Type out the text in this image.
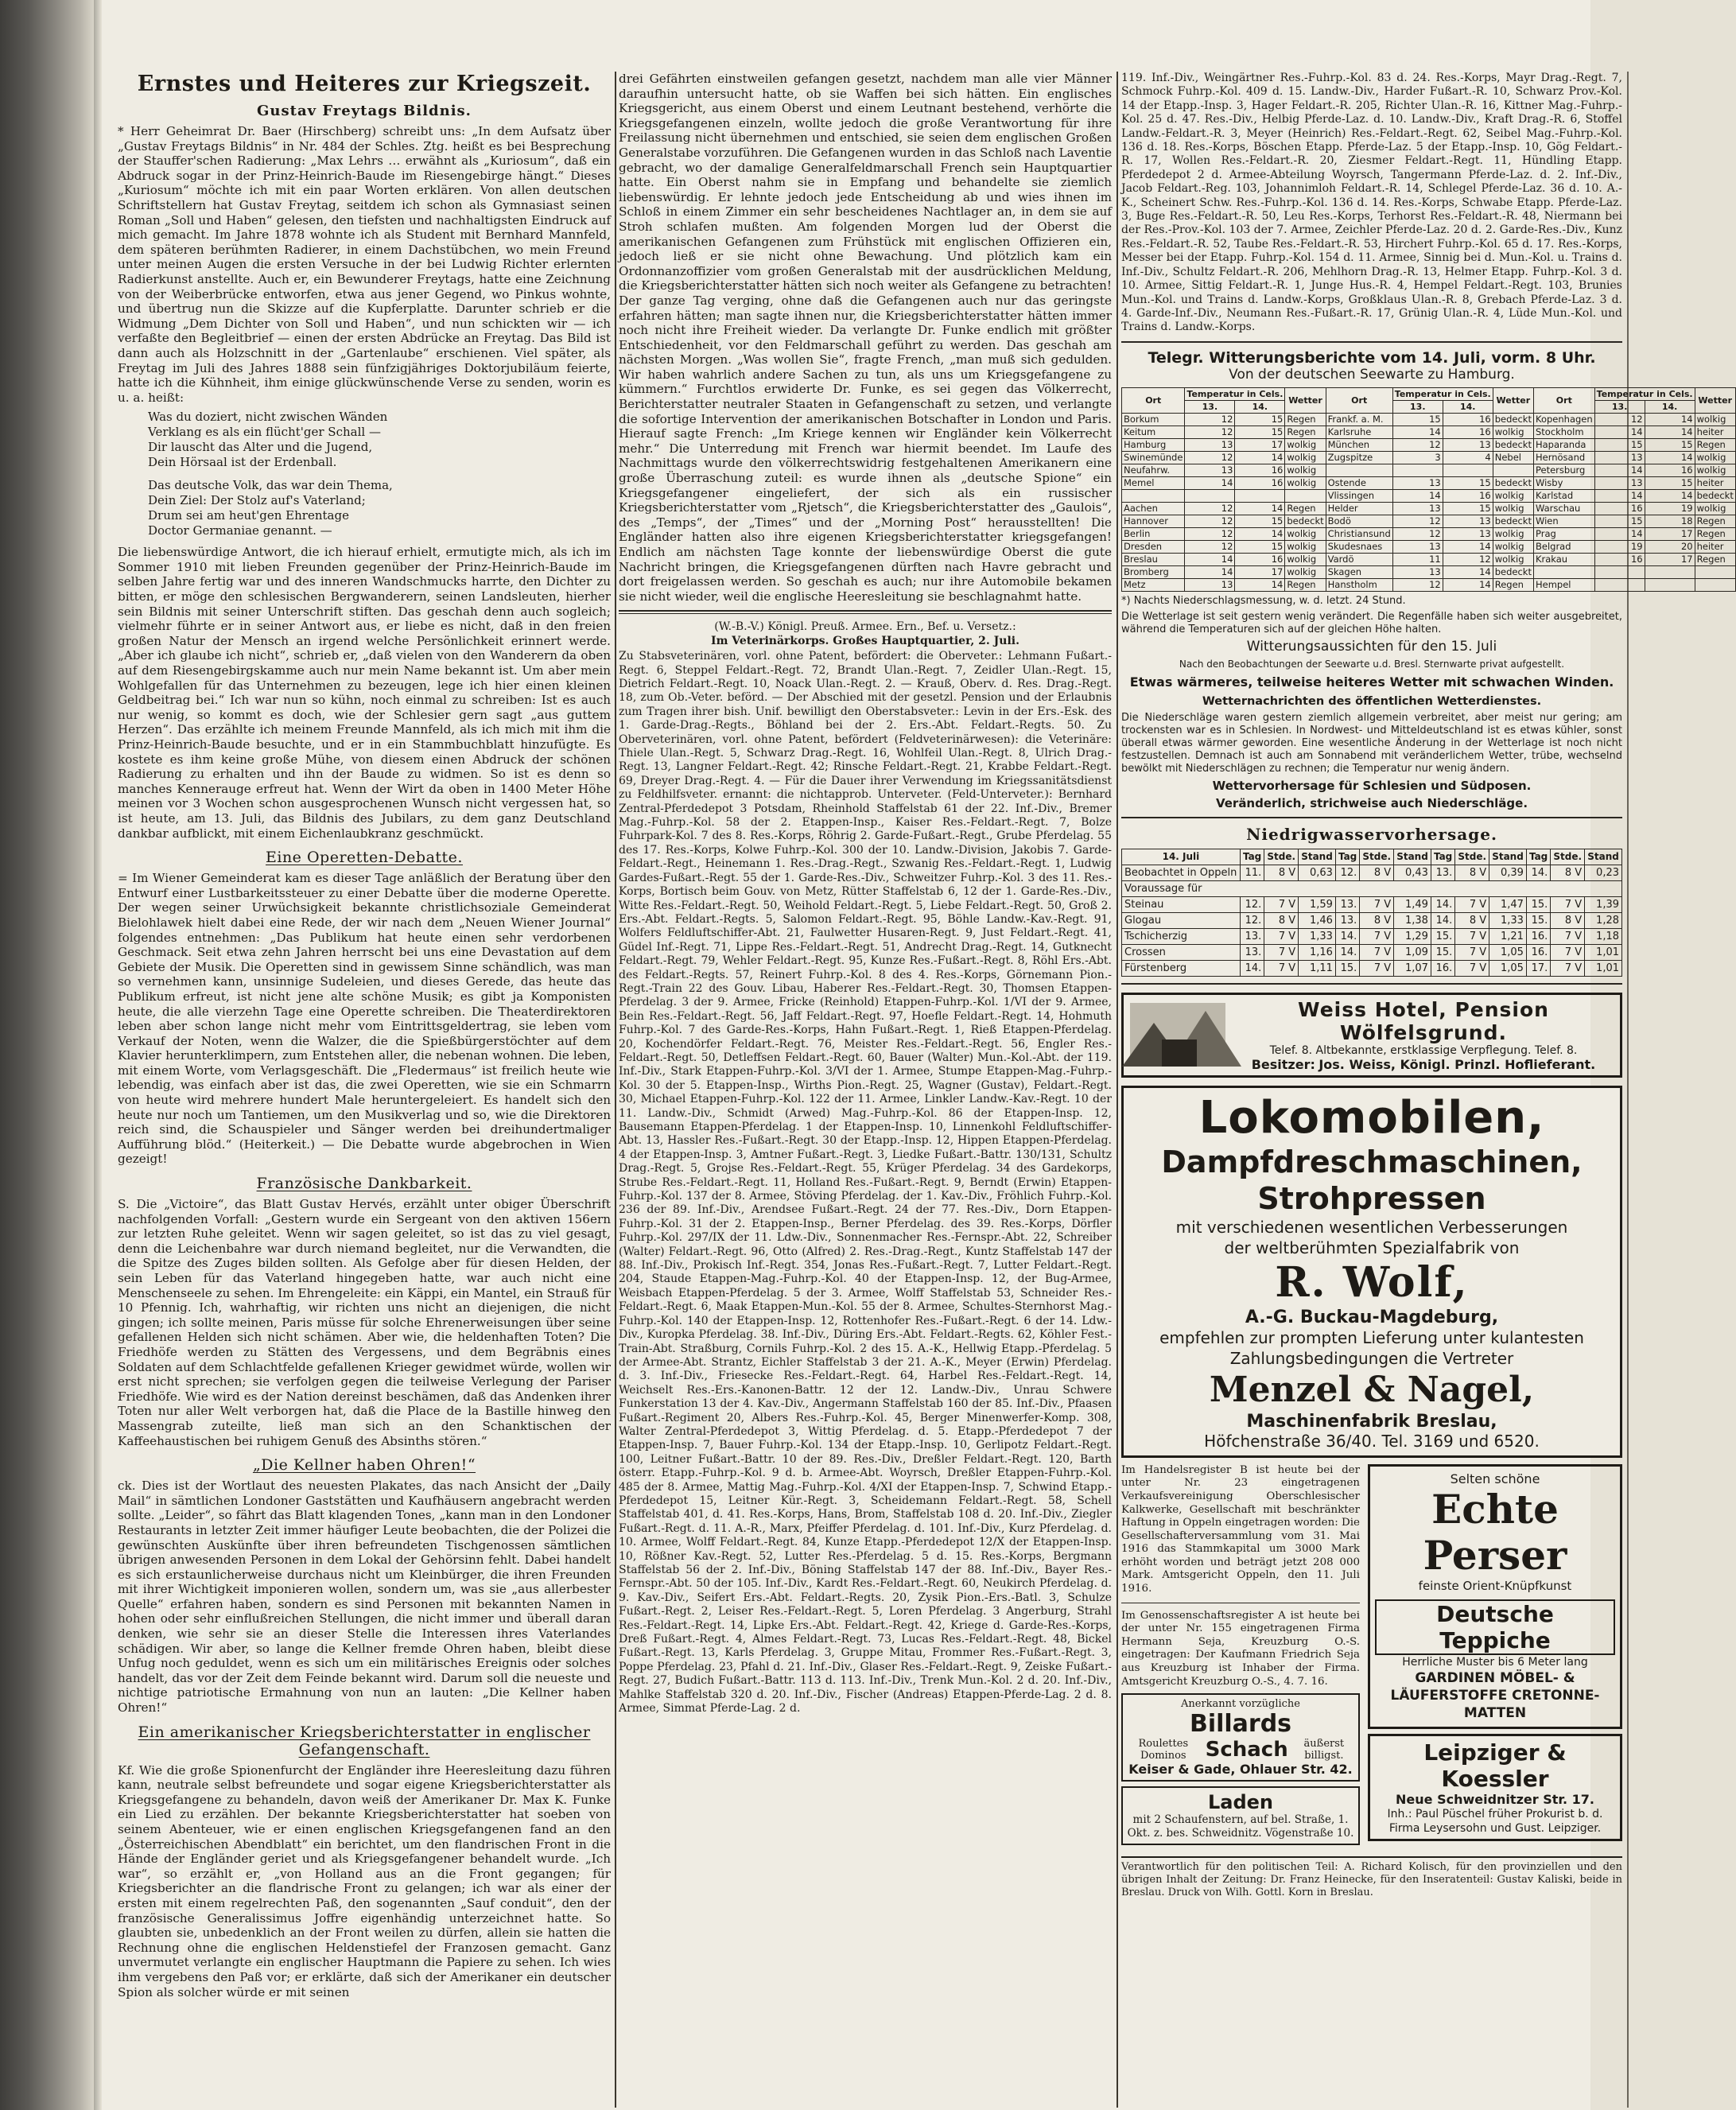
Ernstes und Heiteres zur Kriegszeit.
Gustav Freytags Bildnis.

* Herr Geheimrat Dr. Baer (Hirschberg) schreibt uns: „In dem Aufsatz über „Gustav Freytags Bildnis“ in Nr. 484 der Schles. Ztg. heißt es bei Besprechung der Stauffer'schen Radierung: „Max Lehrs … erwähnt als „Kuriosum“, daß ein Abdruck sogar in der Prinz-Heinrich-Baude im Riesengebirge hängt.“ Dieses „Kuriosum“ möchte ich mit ein paar Worten erklären. Von allen deutschen Schriftstellern hat Gustav Freytag, seitdem ich schon als Gymnasiast seinen Roman „Soll und Haben“ gelesen, den tiefsten und nachhaltigsten Eindruck auf mich gemacht. Im Jahre 1878 wohnte ich als Student mit Bernhard Mannfeld, dem späteren berühmten Radierer, in einem Dachstübchen, wo mein Freund unter meinen Augen die ersten Versuche in der bei Ludwig Richter erlernten Radierkunst anstellte. Auch er, ein Bewunderer Freytags, hatte eine Zeichnung von der Weiberbrücke entworfen, etwa aus jener Gegend, wo Pinkus wohnte, und übertrug nun die Skizze auf die Kupferplatte. Darunter schrieb er die Widmung „Dem Dichter von Soll und Haben“, und nun schickten wir — ich verfaßte den Begleitbrief — einen der ersten Abdrücke an Freytag. Das Bild ist dann auch als Holzschnitt in der „Gartenlaube“ erschienen. Viel später, als Freytag im Juli des Jahres 1888 sein fünfzigjähriges Doktorjubiläum feierte, hatte ich die Kühnheit, ihm einige glückwünschende Verse zu senden, worin es u. a. heißt:

Was du doziert, nicht zwischen Wänden
Verklang es als ein flücht'ger Schall —
Dir lauscht das Alter und die Jugend,
Dein Hörsaal ist der Erdenball.
Das deutsche Volk, das war dein Thema,
Dein Ziel: Der Stolz auf's Vaterland;
Drum sei am heut'gen Ehrentage
Doctor Germaniae genannt. —

Die liebenswürdige Antwort, die ich hierauf erhielt, ermutigte mich, als ich im Sommer 1910 mit lieben Freunden gegenüber der Prinz-Heinrich-Baude im selben Jahre fertig war und des inneren Wandschmucks harrte, den Dichter zu bitten, er möge den schlesischen Bergwanderern, seinen Landsleuten, hierher sein Bildnis mit seiner Unterschrift stiften. Das geschah denn auch sogleich; vielmehr führte er in seiner Antwort aus, er liebe es nicht, daß in den freien großen Natur der Mensch an irgend welche Persönlichkeit erinnert werde. „Aber ich glaube ich nicht“, schrieb er, „daß vielen von den Wanderern da oben auf dem Riesengebirgskamme auch nur mein Name bekannt ist. Um aber mein Wohlgefallen für das Unternehmen zu bezeugen, lege ich hier einen kleinen Geldbeitrag bei.“ Ich war nun so kühn, noch einmal zu schreiben: Ist es auch nur wenig, so kommt es doch, wie der Schlesier gern sagt „aus guttem Herzen“. Das erzählte ich meinem Freunde Mannfeld, als ich mich mit ihm die Prinz-Heinrich-Baude besuchte, und er in ein Stammbuchblatt hinzufügte. Es kostete es ihm keine große Mühe, von diesem einen Abdruck der schönen Radierung zu erhalten und ihn der Baude zu widmen. So ist es denn so manches Kennerauge erfreut hat. Wenn der Wirt da oben in 1400 Meter Höhe meinen vor 3 Wochen schon ausgesprochenen Wunsch nicht vergessen hat, so ist heute, am 13. Juli, das Bildnis des Jubilars, zu dem ganz Deutschland dankbar aufblickt, mit einem Eichenlaubkranz geschmückt.

Eine Operetten-Debatte.

= Im Wiener Gemeinderat kam es dieser Tage anläßlich der Beratung über den Entwurf einer Lustbarkeitssteuer zu einer Debatte über die moderne Operette. Der wegen seiner Urwüchsigkeit bekannte christlichsoziale Gemeinderat Bielohlawek hielt dabei eine Rede, der wir nach dem „Neuen Wiener Journal“ folgendes entnehmen: „Das Publikum hat heute einen sehr verdorbenen Geschmack. Seit etwa zehn Jahren herrscht bei uns eine Devastation auf dem Gebiete der Musik. Die Operetten sind in gewissem Sinne schändlich, was man so vernehmen kann, unsinnige Sudeleien, und dieses Gerede, das heute das Publikum erfreut, ist nicht jene alte schöne Musik; es gibt ja Komponisten heute, die alle vierzehn Tage eine Operette schreiben. Die Theaterdirektoren leben aber schon lange nicht mehr vom Eintrittsgeldertrag, sie leben vom Verkauf der Noten, wenn die Walzer, die die Spießbürgerstöchter auf dem Klavier herunterklimpern, zum Entstehen aller, die nebenan wohnen. Die leben, mit einem Worte, vom Verlagsgeschäft. Die „Fledermaus“ ist freilich heute wie lebendig, was einfach aber ist das, die zwei Operetten, wie sie ein Schmarrn von heute wird mehrere hundert Male heruntergeleiert. Es handelt sich den heute nur noch um Tantiemen, um den Musikverlag und so, wie die Direktoren reich sind, die Schauspieler und Sänger werden bei dreihundertmaliger Aufführung blöd.“ (Heiterkeit.) — Die Debatte wurde abgebrochen in Wien gezeigt!

Französische Dankbarkeit.

S. Die „Victoire“, das Blatt Gustav Hervés, erzählt unter obiger Überschrift nachfolgenden Vorfall: „Gestern wurde ein Sergeant von den aktiven 156ern zur letzten Ruhe geleitet. Wenn wir sagen geleitet, so ist das zu viel gesagt, denn die Leichenbahre war durch niemand begleitet, nur die Verwandten, die die Spitze des Zuges bilden sollten. Als Gefolge aber für diesen Helden, der sein Leben für das Vaterland hingegeben hatte, war auch nicht eine Menschenseele zu sehen. Im Ehrengeleite: ein Käppi, ein Mantel, ein Strauß für 10 Pfennig. Ich, wahrhaftig, wir richten uns nicht an diejenigen, die nicht gingen; ich sollte meinen, Paris müsse für solche Ehrenerweisungen über seine gefallenen Helden sich nicht schämen. Aber wie, die heldenhaften Toten? Die Friedhöfe werden zu Stätten des Vergessens, und dem Begräbnis eines Soldaten auf dem Schlachtfelde gefallenen Krieger gewidmet würde, wollen wir erst nicht sprechen; sie verfolgen gegen die teilweise Verlegung der Pariser Friedhöfe. Wie wird es der Nation dereinst beschämen, daß das Andenken ihrer Toten nur aller Welt verborgen hat, daß die Place de la Bastille hinweg den Massengrab zuteilte, ließ man sich an den Schanktischen der Kaffeehaustischen bei ruhigem Genuß des Absinths stören.“

„Die Kellner haben Ohren!“

ck. Dies ist der Wortlaut des neuesten Plakates, das nach Ansicht der „Daily Mail“ in sämtlichen Londoner Gaststätten und Kaufhäusern angebracht werden sollte. „Leider“, so fährt das Blatt klagenden Tones, „kann man in den Londoner Restaurants in letzter Zeit immer häufiger Leute beobachten, die der Polizei die gewünschten Auskünfte über ihren befreundeten Tischgenossen sämtlichen übrigen anwesenden Personen in dem Lokal der Gehörsinn fehlt. Dabei handelt es sich erstaunlicherweise durchaus nicht um Kleinbürger, die ihren Freunden mit ihrer Wichtigkeit imponieren wollen, sondern um, was sie „aus allerbester Quelle“ erfahren haben, sondern es sind Personen mit bekannten Namen in hohen oder sehr einflußreichen Stellungen, die nicht immer und überall daran denken, wie sehr sie an dieser Stelle die Interessen ihres Vaterlandes schädigen. Wir aber, so lange die Kellner fremde Ohren haben, bleibt diese Unfug noch geduldet, wenn es sich um ein militärisches Ereignis oder solches handelt, das vor der Zeit dem Feinde bekannt wird. Darum soll die neueste und nichtige patriotische Ermahnung von nun an lauten: „Die Kellner haben Ohren!“

Ein amerikanischer Kriegsberichterstatter in englischer Gefangenschaft.

Kf. Wie die große Spionenfurcht der Engländer ihre Heeresleitung dazu führen kann, neutrale selbst befreundete und sogar eigene Kriegsberichterstatter als Kriegsgefangene zu behandeln, davon weiß der Amerikaner Dr. Max K. Funke ein Lied zu erzählen. Der bekannte Kriegsberichterstatter hat soeben von seinem Abenteuer, wie er einen englischen Kriegsgefangenen fand an den „Österreichischen Abendblatt“ ein berichtet, um den flandrischen Front in die Hände der Engländer geriet und als Kriegsgefangener behandelt wurde. „Ich war“, so erzählt er, „von Holland aus an die Front gegangen; für Kriegsberichter an die flandrische Front zu gelangen; ich war als einer der ersten mit einem regelrechten Paß, den sogenannten „Sauf conduit“, den der französische Generalissimus Joffre eigenhändig unterzeichnet hatte. So glaubten sie, unbedenklich an der Front weilen zu dürfen, allein sie hatten die Rechnung ohne die englischen Heldenstiefel der Franzosen gemacht. Ganz unvermutet verlangte ein englischer Hauptmann die Papiere zu sehen. Ich wies ihm vergebens den Paß vor; er erklärte, daß sich der Amerikaner ein deutscher Spion als solcher würde er mit seinen

drei Gefährten einstweilen gefangen gesetzt, nachdem man alle vier Männer daraufhin untersucht hatte, ob sie Waffen bei sich hätten. Ein englisches Kriegsgericht, aus einem Oberst und einem Leutnant bestehend, verhörte die Kriegsgefangenen einzeln, wollte jedoch die große Verantwortung für ihre Freilassung nicht übernehmen und entschied, sie seien dem englischen Großen Generalstabe vorzuführen. Die Gefangenen wurden in das Schloß nach Laventie gebracht, wo der damalige Generalfeldmarschall French sein Hauptquartier hatte. Ein Oberst nahm sie in Empfang und behandelte sie ziemlich liebenswürdig. Er lehnte jedoch jede Entscheidung ab und wies ihnen im Schloß in einem Zimmer ein sehr bescheidenes Nachtlager an, in dem sie auf Stroh schlafen mußten. Am folgenden Morgen lud der Oberst die amerikanischen Gefangenen zum Frühstück mit englischen Offizieren ein, jedoch ließ er sie nicht ohne Bewachung. Und plötzlich kam ein Ordonnanzoffizier vom großen Generalstab mit der ausdrücklichen Meldung, die Kriegsberichterstatter hätten sich noch weiter als Gefangene zu betrachten! Der ganze Tag verging, ohne daß die Gefangenen auch nur das geringste erfahren hätten; man sagte ihnen nur, die Kriegsberichterstatter hätten immer noch nicht ihre Freiheit wieder. Da verlangte Dr. Funke endlich mit größter Entschiedenheit, vor den Feldmarschall geführt zu werden. Das geschah am nächsten Morgen. „Was wollen Sie“, fragte French, „man muß sich gedulden. Wir haben wahrlich andere Sachen zu tun, als uns um Kriegsgefangene zu kümmern.“ Furchtlos erwiderte Dr. Funke, es sei gegen das Völkerrecht, Berichterstatter neutraler Staaten in Gefangenschaft zu setzen, und verlangte die sofortige Intervention der amerikanischen Botschafter in London und Paris. Hierauf sagte French: „Im Kriege kennen wir Engländer kein Völkerrecht mehr.“ Die Unterredung mit French war hiermit beendet. Im Laufe des Nachmittags wurde den völkerrechtswidrig festgehaltenen Amerikanern eine große Überraschung zuteil: es wurde ihnen als „deutsche Spione“ ein Kriegsgefangener eingeliefert, der sich als ein russischer Kriegsberichterstatter vom „Rjetsch“, die Kriegsberichterstatter des „Gaulois“, des „Temps“, der „Times“ und der „Morning Post“ herausstellten! Die Engländer hatten also ihre eigenen Kriegsberichterstatter kriegsgefangen! Endlich am nächsten Tage konnte der liebenswürdige Oberst die gute Nachricht bringen, die Kriegsgefangenen dürften nach Havre gebracht und dort freigelassen werden. So geschah es auch; nur ihre Automobile bekamen sie nicht wieder, weil die englische Heeresleitung sie beschlagnahmt hatte.

(W.-B.-V.) Königl. Preuß. Armee. Ern., Bef. u. Versetz.:

Im Veterinärkorps. Großes Hauptquartier, 2. Juli.

Zu Stabsveterinären, vorl. ohne Patent, befördert: die Oberveter.: Lehmann Fußart.-Regt. 6, Steppel Feldart.-Regt. 72, Brandt Ulan.-Regt. 7, Zeidler Ulan.-Regt. 15, Dietrich Feldart.-Regt. 10, Noack Ulan.-Regt. 2. — Krauß, Oberv. d. Res. Drag.-Regt. 18, zum Ob.-Veter. beförd. — Der Abschied mit der gesetzl. Pension und der Erlaubnis zum Tragen ihrer bish. Unif. bewilligt den Oberstabsveter.: Levin in der Ers.-Esk. des 1. Garde-Drag.-Regts., Böhland bei der 2. Ers.-Abt. Feldart.-Regts. 50. Zu Oberveterinären, vorl. ohne Patent, befördert (Feldveterinärwesen): die Veterinäre: Thiele Ulan.-Regt. 5, Schwarz Drag.-Regt. 16, Wohlfeil Ulan.-Regt. 8, Ulrich Drag.-Regt. 13, Langner Feldart.-Regt. 42; Rinsche Feldart.-Regt. 21, Krabbe Feldart.-Regt. 69, Dreyer Drag.-Regt. 4. — Für die Dauer ihrer Verwendung im Kriegssanitätsdienst zu Feldhilfsveter. ernannt: die nichtapprob. Unterveter. (Feld-Unterveter.): Bernhard Zentral-Pferdedepot 3 Potsdam, Rheinhold Staffelstab 61 der 22. Inf.-Div., Bremer Mag.-Fuhrp.-Kol. 58 der 2. Etappen-Insp., Kaiser Res.-Feldart.-Regt. 7, Bolze Fuhrpark-Kol. 7 des 8. Res.-Korps, Röhrig 2. Garde-Fußart.-Regt., Grube Pferdelag. 55 des 17. Res.-Korps, Kolwe Fuhrp.-Kol. 300 der 10. Landw.-Division, Jakobis 7. Garde-Feldart.-Regt., Heinemann 1. Res.-Drag.-Regt., Szwanig Res.-Feldart.-Regt. 1, Ludwig Gardes-Fußart.-Regt. 55 der 1. Garde-Res.-Div., Schweitzer Fuhrp.-Kol. 3 des 11. Res.-Korps, Bortisch beim Gouv. von Metz, Rütter Staffelstab 6, 12 der 1. Garde-Res.-Div., Witte Res.-Feldart.-Regt. 50, Weihold Feldart.-Regt. 5, Liebe Feldart.-Regt. 50, Groß 2. Ers.-Abt. Feldart.-Regts. 5, Salomon Feldart.-Regt. 95, Böhle Landw.-Kav.-Regt. 91, Wolfers Feldluftschiffer-Abt. 21, Faulwetter Husaren-Regt. 9, Just Feldart.-Regt. 41, Güdel Inf.-Regt. 71, Lippe Res.-Feldart.-Regt. 51, Andrecht Drag.-Regt. 14, Gutknecht Feldart.-Regt. 79, Wehler Feldart.-Regt. 95, Kunze Res.-Fußart.-Regt. 8, Röhl Ers.-Abt. des Feldart.-Regts. 57, Reinert Fuhrp.-Kol. 8 des 4. Res.-Korps, Görnemann Pion.-Regt.-Train 22 des Gouv. Libau, Haberer Res.-Feldart.-Regt. 30, Thomsen Etappen-Pferdelag. 3 der 9. Armee, Fricke (Reinhold) Etappen-Fuhrp.-Kol. 1/VI der 9. Armee, Bein Res.-Feldart.-Regt. 56, Jaff Feldart.-Regt. 97, Hoefle Feldart.-Regt. 14, Hohmuth Fuhrp.-Kol. 7 des Garde-Res.-Korps, Hahn Fußart.-Regt. 1, Rieß Etappen-Pferdelag. 20, Kochendörfer Feldart.-Regt. 76, Meister Res.-Feldart.-Regt. 56, Engler Res.-Feldart.-Regt. 50, Detleffsen Feldart.-Regt. 60, Bauer (Walter) Mun.-Kol.-Abt. der 119. Inf.-Div., Stark Etappen-Fuhrp.-Kol. 3/VI der 1. Armee, Stumpe Etappen-Mag.-Fuhrp.-Kol. 30 der 5. Etappen-Insp., Wirths Pion.-Regt. 25, Wagner (Gustav), Feldart.-Regt. 30, Michael Etappen-Fuhrp.-Kol. 122 der 11. Armee, Linkler Landw.-Kav.-Regt. 10 der 11. Landw.-Div., Schmidt (Arwed) Mag.-Fuhrp.-Kol. 86 der Etappen-Insp. 12, Bausemann Etappen-Pferdelag. 1 der Etappen-Insp. 10, Linnenkohl Feldluftschiffer-Abt. 13, Hassler Res.-Fußart.-Regt. 30 der Etapp.-Insp. 12, Hippen Etappen-Pferdelag. 4 der Etappen-Insp. 3, Amtner Fußart.-Regt. 3, Liedke Fußart.-Battr. 130/131, Schultz Drag.-Regt. 5, Grojse Res.-Feldart.-Regt. 55, Krüger Pferdelag. 34 des Gardekorps, Strube Res.-Feldart.-Regt. 11, Holland Res.-Fußart.-Regt. 9, Berndt (Erwin) Etappen-Fuhrp.-Kol. 137 der 8. Armee, Stöving Pferdelag. der 1. Kav.-Div., Fröhlich Fuhrp.-Kol. 236 der 89. Inf.-Div., Arendsee Fußart.-Regt. 24 der 77. Res.-Div., Dorn Etappen-Fuhrp.-Kol. 31 der 2. Etappen-Insp., Berner Pferdelag. des 39. Res.-Korps, Dörfler Fuhrp.-Kol. 297/IX der 11. Ldw.-Div., Sonnenmacher Res.-Fernspr.-Abt. 22, Schreiber (Walter) Feldart.-Regt. 96, Otto (Alfred) 2. Res.-Drag.-Regt., Kuntz Staffelstab 147 der 88. Inf.-Div., Prokisch Inf.-Regt. 354, Jonas Res.-Fußart.-Regt. 7, Lutter Feldart.-Regt. 204, Staude Etappen-Mag.-Fuhrp.-Kol. 40 der Etappen-Insp. 12, der Bug-Armee, Weisbach Etappen-Pferdelag. 5 der 3. Armee, Wolff Staffelstab 53, Schneider Res.-Feldart.-Regt. 6, Maak Etappen-Mun.-Kol. 55 der 8. Armee, Schultes-Sternhorst Mag.-Fuhrp.-Kol. 140 der Etappen-Insp. 12, Rottenhofer Res.-Fußart.-Regt. 6 der 14. Ldw.-Div., Kuropka Pferdelag. 38. Inf.-Div., Düring Ers.-Abt. Feldart.-Regts. 62, Köhler Fest.-Train-Abt. Straßburg, Cornils Fuhrp.-Kol. 2 des 15. A.-K., Hellwig Etapp.-Pferdelag. 5 der Armee-Abt. Strantz, Eichler Staffelstab 3 der 21. A.-K., Meyer (Erwin) Pferdelag. d. 3. Inf.-Div., Friesecke Res.-Feldart.-Regt. 64, Harbel Res.-Feldart.-Regt. 14, Weichselt Res.-Ers.-Kanonen-Battr. 12 der 12. Landw.-Div., Unrau Schwere Funkerstation 13 der 4. Kav.-Div., Angermann Staffelstab 160 der 85. Inf.-Div., Pfaasen Fußart.-Regiment 20, Albers Res.-Fuhrp.-Kol. 45, Berger Minenwerfer-Komp. 308, Walter Zentral-Pferdedepot 3, Wittig Pferdelag. d. 5. Etapp.-Pferdedepot 7 der Etappen-Insp. 7, Bauer Fuhrp.-Kol. 134 der Etapp.-Insp. 10, Gerlipotz Feldart.-Regt. 100, Leitner Fußart.-Battr. 10 der 89. Res.-Div., Dreßler Feldart.-Regt. 120, Barth österr. Etapp.-Fuhrp.-Kol. 9 d. b. Armee-Abt. Woyrsch, Dreßler Etappen-Fuhrp.-Kol. 485 der 8. Armee, Mattig Mag.-Fuhrp.-Kol. 4/XI der Etappen-Insp. 7, Schwind Etapp.-Pferdedepot 15, Leitner Kür.-Regt. 3, Scheidemann Feldart.-Regt. 58, Schell Staffelstab 401, d. 41. Res.-Korps, Hans, Brom, Staffelstab 108 d. 20. Inf.-Div., Ziegler Fußart.-Regt. d. 11. A.-R., Marx, Pfeiffer Pferdelag. d. 101. Inf.-Div., Kurz Pferdelag. d. 10. Armee, Wolff Feldart.-Regt. 84, Kunze Etapp.-Pferdedepot 12/X der Etappen-Insp. 10, Rößner Kav.-Regt. 52, Lutter Res.-Pferdelag. 5 d. 15. Res.-Korps, Bergmann Staffelstab 56 der 2. Inf.-Div., Böning Staffelstab 147 der 88. Inf.-Div., Bayer Res.-Fernspr.-Abt. 50 der 105. Inf.-Div., Kardt Res.-Feldart.-Regt. 60, Neukirch Pferdelag. d. 9. Kav.-Div., Seifert Ers.-Abt. Feldart.-Regts. 20, Zysik Pion.-Ers.-Batl. 3, Schulze Fußart.-Regt. 2, Leiser Res.-Feldart.-Regt. 5, Loren Pferdelag. 3 Angerburg, Strahl Res.-Feldart.-Regt. 14, Lipke Ers.-Abt. Feldart.-Regt. 42, Kriege d. Garde-Res.-Korps, Dreß Fußart.-Regt. 4, Almes Feldart.-Regt. 73, Lucas Res.-Feldart.-Regt. 48, Bickel Fußart.-Regt. 13, Karls Pferdelag. 3, Gruppe Mitau, Frommer Res.-Fußart.-Regt. 3, Poppe Pferdelag. 23, Pfahl d. 21. Inf.-Div., Glaser Res.-Feldart.-Regt. 9, Zeiske Fußart.-Regt. 27, Budich Fußart.-Battr. 113 d. 113. Inf.-Div., Trenk Mun.-Kol. 2 d. 20. Inf.-Div., Mahlke Staffelstab 320 d. 20. Inf.-Div., Fischer (Andreas) Etappen-Pferde-Lag. 2 d. 8. Armee, Simmat Pferde-Lag. 2 d.

119. Inf.-Div., Weingärtner Res.-Fuhrp.-Kol. 83 d. 24. Res.-Korps, Mayr Drag.-Regt. 7, Schmock Fuhrp.-Kol. 409 d. 15. Landw.-Div., Harder Fußart.-R. 10, Schwarz Prov.-Kol. 14 der Etapp.-Insp. 3, Hager Feldart.-R. 205, Richter Ulan.-R. 16, Kittner Mag.-Fuhrp.-Kol. 25 d. 47. Res.-Div., Helbig Pferde-Laz. d. 10. Landw.-Div., Kraft Drag.-R. 6, Stoffel Landw.-Feldart.-R. 3, Meyer (Heinrich) Res.-Feldart.-Regt. 62, Seibel Mag.-Fuhrp.-Kol. 136 d. 18. Res.-Korps, Böschen Etapp. Pferde-Laz. 5 der Etapp.-Insp. 10, Gög Feldart.-R. 17, Wollen Res.-Feldart.-R. 20, Ziesmer Feldart.-Regt. 11, Hündling Etapp. Pferdedepot 2 d. Armee-Abteilung Woyrsch, Tangermann Pferde-Laz. d. 2. Inf.-Div., Jacob Feldart.-Reg. 103, Johannimloh Feldart.-R. 14, Schlegel Pferde-Laz. 36 d. 10. A.-K., Scheinert Schw. Res.-Fuhrp.-Kol. 136 d. 14. Res.-Korps, Schwabe Etapp. Pferde-Laz. 3, Buge Res.-Feldart.-R. 50, Leu Res.-Korps, Terhorst Res.-Feldart.-R. 48, Niermann bei der Res.-Prov.-Kol. 103 der 7. Armee, Zeichler Pferde-Laz. 20 d. 2. Garde-Res.-Div., Kunz Res.-Feldart.-R. 52, Taube Res.-Feldart.-R. 53, Hirchert Fuhrp.-Kol. 65 d. 17. Res.-Korps, Messer bei der Etapp. Fuhrp.-Kol. 154 d. 11. Armee, Sinnig bei d. Mun.-Kol. u. Trains d. Inf.-Div., Schultz Feldart.-R. 206, Mehlhorn Drag.-R. 13, Helmer Etapp. Fuhrp.-Kol. 3 d. 10. Armee, Sittig Feldart.-R. 1, Junge Hus.-R. 4, Hempel Feldart.-Regt. 103, Brunies Mun.-Kol. und Trains d. Landw.-Korps, Großklaus Ulan.-R. 8, Grebach Pferde-Laz. 3 d. 4. Garde-Inf.-Div., Neumann Res.-Fußart.-R. 17, Grünig Ulan.-R. 4, Lüde Mun.-Kol. und Trains d. Landw.-Korps.

Telegr. Witterungsberichte vom 14. Juli, vorm. 8 Uhr.
Von der deutschen Seewarte zu Hamburg.
Ort	Temperatur in Cels.		Wetter	Ort	Temperatur in Cels.		Wetter	Ort	Temperatur in Cels.		Wetter
	13.	14.			13.	14.			13.	14.	
Borkum	12	15	Regen	Frankf. a. M.	15	16	bedeckt	Kopenhagen	12	14	wolkig
Keitum	12	15	Regen	Karlsruhe	14	16	wolkig	Stockholm	14	14	heiter
Hamburg	13	17	wolkig	München	12	13	bedeckt	Haparanda	15	15	Regen
Swinemünde	12	14	wolkig	Zugspitze	3	4	Nebel	Hernösand	13	14	wolkig
Neufahrw.	13	16	wolkig					Petersburg	14	16	wolkig
Memel	14	16	wolkig	Ostende	13	15	bedeckt	Wisby	13	15	heiter
				Vlissingen	14	16	wolkig	Karlstad	14	14	bedeckt
Aachen	12	14	Regen	Helder	13	15	wolkig	Warschau	16	19	wolkig
Hannover	12	15	bedeckt	Bodö	12	13	bedeckt	Wien	15	18	Regen
Berlin	12	14	wolkig	Christiansund	12	13	wolkig	Prag	14	17	Regen
Dresden	12	15	wolkig	Skudesnaes	13	14	wolkig	Belgrad	19	20	heiter
Breslau	14	16	wolkig	Vardö	11	12	wolkig	Krakau	16	17	Regen
Bromberg	14	17	wolkig	Skagen	13	14	bedeckt				
Metz	13	14	Regen	Hanstholm	12	14	Regen	Hempel			
*) Nachts Niederschlagsmessung, w. d. letzt. 24 Stund.
Die Wetterlage ist seit gestern wenig verändert. Die Regenfälle haben sich weiter ausgebreitet, während die Temperaturen sich auf der gleichen Höhe halten.
Witterungsaussichten für den 15. Juli
Nach den Beobachtungen der Seewarte u.d. Bresl. Sternwarte privat aufgestellt.
Etwas wärmeres, teilweise heiteres Wetter mit schwachen Winden.
Wetternachrichten des öffentlichen Wetterdienstes.
Die Niederschläge waren gestern ziemlich allgemein verbreitet, aber meist nur gering; am trockensten war es in Schlesien. In Nordwest- und Mitteldeutschland ist es etwas kühler, sonst überall etwas wärmer geworden. Eine wesentliche Änderung in der Wetterlage ist noch nicht festzustellen. Demnach ist auch am Sonnabend mit veränderlichem Wetter, trübe, wechselnd bewölkt mit Niederschlägen zu rechnen; die Temperatur nur wenig ändern.
Wettervorhersage für Schlesien und Südposen.
Veränderlich, strichweise auch Niederschläge.
Niedrigwasservorhersage.
14. Juli	Tag	Stde.	Stand	Tag	Stde.	Stand	Tag	Stde.	Stand	Tag	Stde.	Stand
Beobachtet in Oppeln	11.	8 V	0,63	12.	8 V	0,43	13.	8 V	0,39	14.	8 V	0,23
Voraussage für												
Steinau	12.	7 V	1,59	13.	7 V	1,49	14.	7 V	1,47	15.	7 V	1,39
Glogau	12.	8 V	1,46	13.	8 V	1,38	14.	8 V	1,33	15.	8 V	1,28
Tschicherzig	13.	7 V	1,33	14.	7 V	1,29	15.	7 V	1,21	16.	7 V	1,18
Crossen	13.	7 V	1,16	14.	7 V	1,09	15.	7 V	1,05	16.	7 V	1,01
Fürstenberg	14.	7 V	1,11	15.	7 V	1,07	16.	7 V	1,05	17.	7 V	1,01
Weiss Hotel, Pension Wölfelsgrund.
Telef. 8. Altbekannte, erstklassige Verpflegung. Telef. 8.
Besitzer: Jos. Weiss, Königl. Prinzl. Hoflieferant.
Lokomobilen,
Dampfdreschmaschinen,
Strohpressen
mit verschiedenen wesentlichen Verbesserungen
der weltberühmten Spezialfabrik von
R. Wolf,
A.-G. Buckau-Magdeburg,
empfehlen zur prompten Lieferung unter kulantesten Zahlungsbedingungen die Vertreter
Menzel & Nagel,
Maschinenfabrik Breslau,
Höfchenstraße 36/40. Tel. 3169 und 6520.

Im Handelsregister B ist heute bei der unter Nr. 23 eingetragenen Verkaufsvereinigung Oberschlesischer Kalkwerke, Gesellschaft mit beschränkter Haftung in Oppeln eingetragen worden: Die Gesellschafterversammlung vom 31. Mai 1916 das Stammkapital um 3000 Mark erhöht worden und beträgt jetzt 208 000 Mark. Amtsgericht Oppeln, den 11. Juli 1916.

Im Genossenschaftsregister A ist heute bei der unter Nr. 155 eingetragenen Firma Hermann Seja, Kreuzburg O.-S. eingetragen: Der Kaufmann Friedrich Seja aus Kreuzburg ist Inhaber der Firma. Amtsgericht Kreuzburg O.-S., 4. 7. 16.

Anerkannt vorzügliche
Billards
Roulettes Dominos Schach	äußerst billigst.
Keiser & Gade, Ohlauer Str. 42.
Laden
mit 2 Schaufenstern, auf bel. Straße, 1. Okt. z. bes. Schweidnitz. Vögenstraße 10.
Selten schöne
Echte Perser
feinste Orient-Knüpfkunst
Deutsche Teppiche
Herrliche Muster bis 6 Meter lang
GARDINEN MÖBEL- & LÄUFERSTOFFE CRETONNE-MATTEN
Leipziger & Koessler
Neue Schweidnitzer Str. 17.
Inh.: Paul Püschel früher Prokurist b. d. Firma Leysersohn und Gust. Leipziger.
Verantwortlich für den politischen Teil: A. Richard Kolisch, für den provinziellen und den übrigen Inhalt der Zeitung: Dr. Franz Heinecke, für den Inseratenteil: Gustav Kaliski, beide in Breslau. Druck von Wilh. Gottl. Korn in Breslau.
